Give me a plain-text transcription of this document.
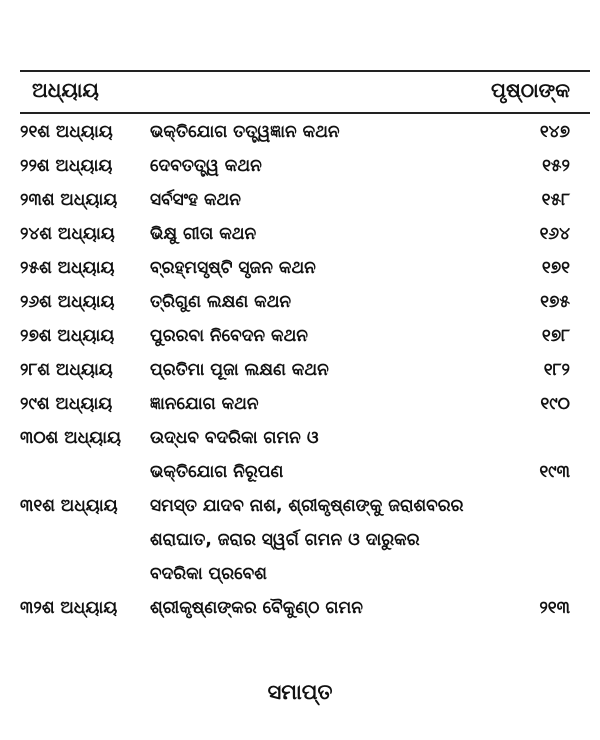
ଅଧ୍ୟାୟ	ପୃଷ୍ଠାଙ୍କ
୨୧ଶ ଅଧ୍ୟାୟ ଭକ୍ତିଯୋଗ ତତ୍ତ୍ୱଜ୍ଞାନ କଥନ	୧୪୭
୨୨ଶ ଅଧ୍ୟାୟ ଦେବତତ୍ତ୍ୱ କଥନ	୧୫୨
୨୩ଶ ଅଧ୍ୟାୟ ସର୍ବସଂହ କଥନ	୧୫୮
୨୪ଶ ଅଧ୍ୟାୟ ଭିକ୍ଷୁ ଗୀତା କଥନ	୧୬୪
୨୫ଶ ଅଧ୍ୟାୟ ବ୍ରହ୍ମସୃଷ୍ଟି ସୃଜନ କଥନ	୧୭୧
୨୬ଶ ଅଧ୍ୟାୟ ତ୍ରିଗୁଣ ଲକ୍ଷଣ କଥନ	୧୭୫
୨୭ଶ ଅଧ୍ୟାୟ ପୁରରବା ନିବେଦନ କଥନ	୧୭୮
୨୮ଶ ଅଧ୍ୟାୟ ପ୍ରତିମା ପୂଜା ଲକ୍ଷଣ କଥନ	୧୮୨
୨୯ଶ ଅଧ୍ୟାୟ ଜ୍ଞାନଯୋଗ କଥନ	୧୯୦
୩୦ଶ ଅଧ୍ୟାୟ ଉଦ୍ଧବ ବଦରିକା ଗମନ ଓ
ଭକ୍ତିଯୋଗ ନିରୂପଣ	୧୯୩
୩୧ଶ ଅଧ୍ୟାୟ ସମସ୍ତ ଯାଦବ ନାଶ, ଶ୍ରୀକୃଷ୍ଣଙ୍କୁ ଜରାଶବରର
ଶରାଘାତ, ଜରାର ସ୍ୱର୍ଗ ଗମନ ଓ ଦାରୁକର
ବଦରିକା ପ୍ରବେଶ
୩୨ଶ ଅଧ୍ୟାୟ ଶ୍ରୀକୃଷ୍ଣଙ୍କର ବୈକୁଣ୍ଠ ଗମନ	୨୧୩
ସମାପ୍ତ
